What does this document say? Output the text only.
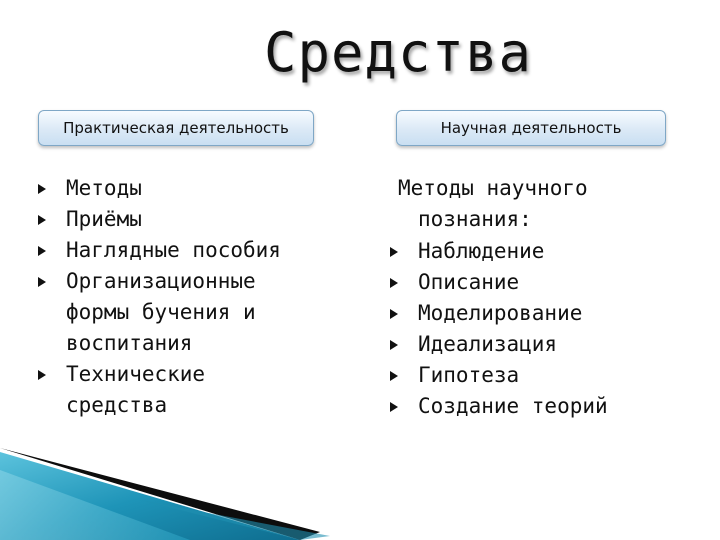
Средства
Практическая деятельность	Научная деятельность
Методы
Приёмы
Наглядные пособия
Организационные формы бучения и воспитания
Технические средства
Методы научного
познания:
Наблюдение
Описание
Моделирование
Идеализация
Гипотеза
Создание теорий
